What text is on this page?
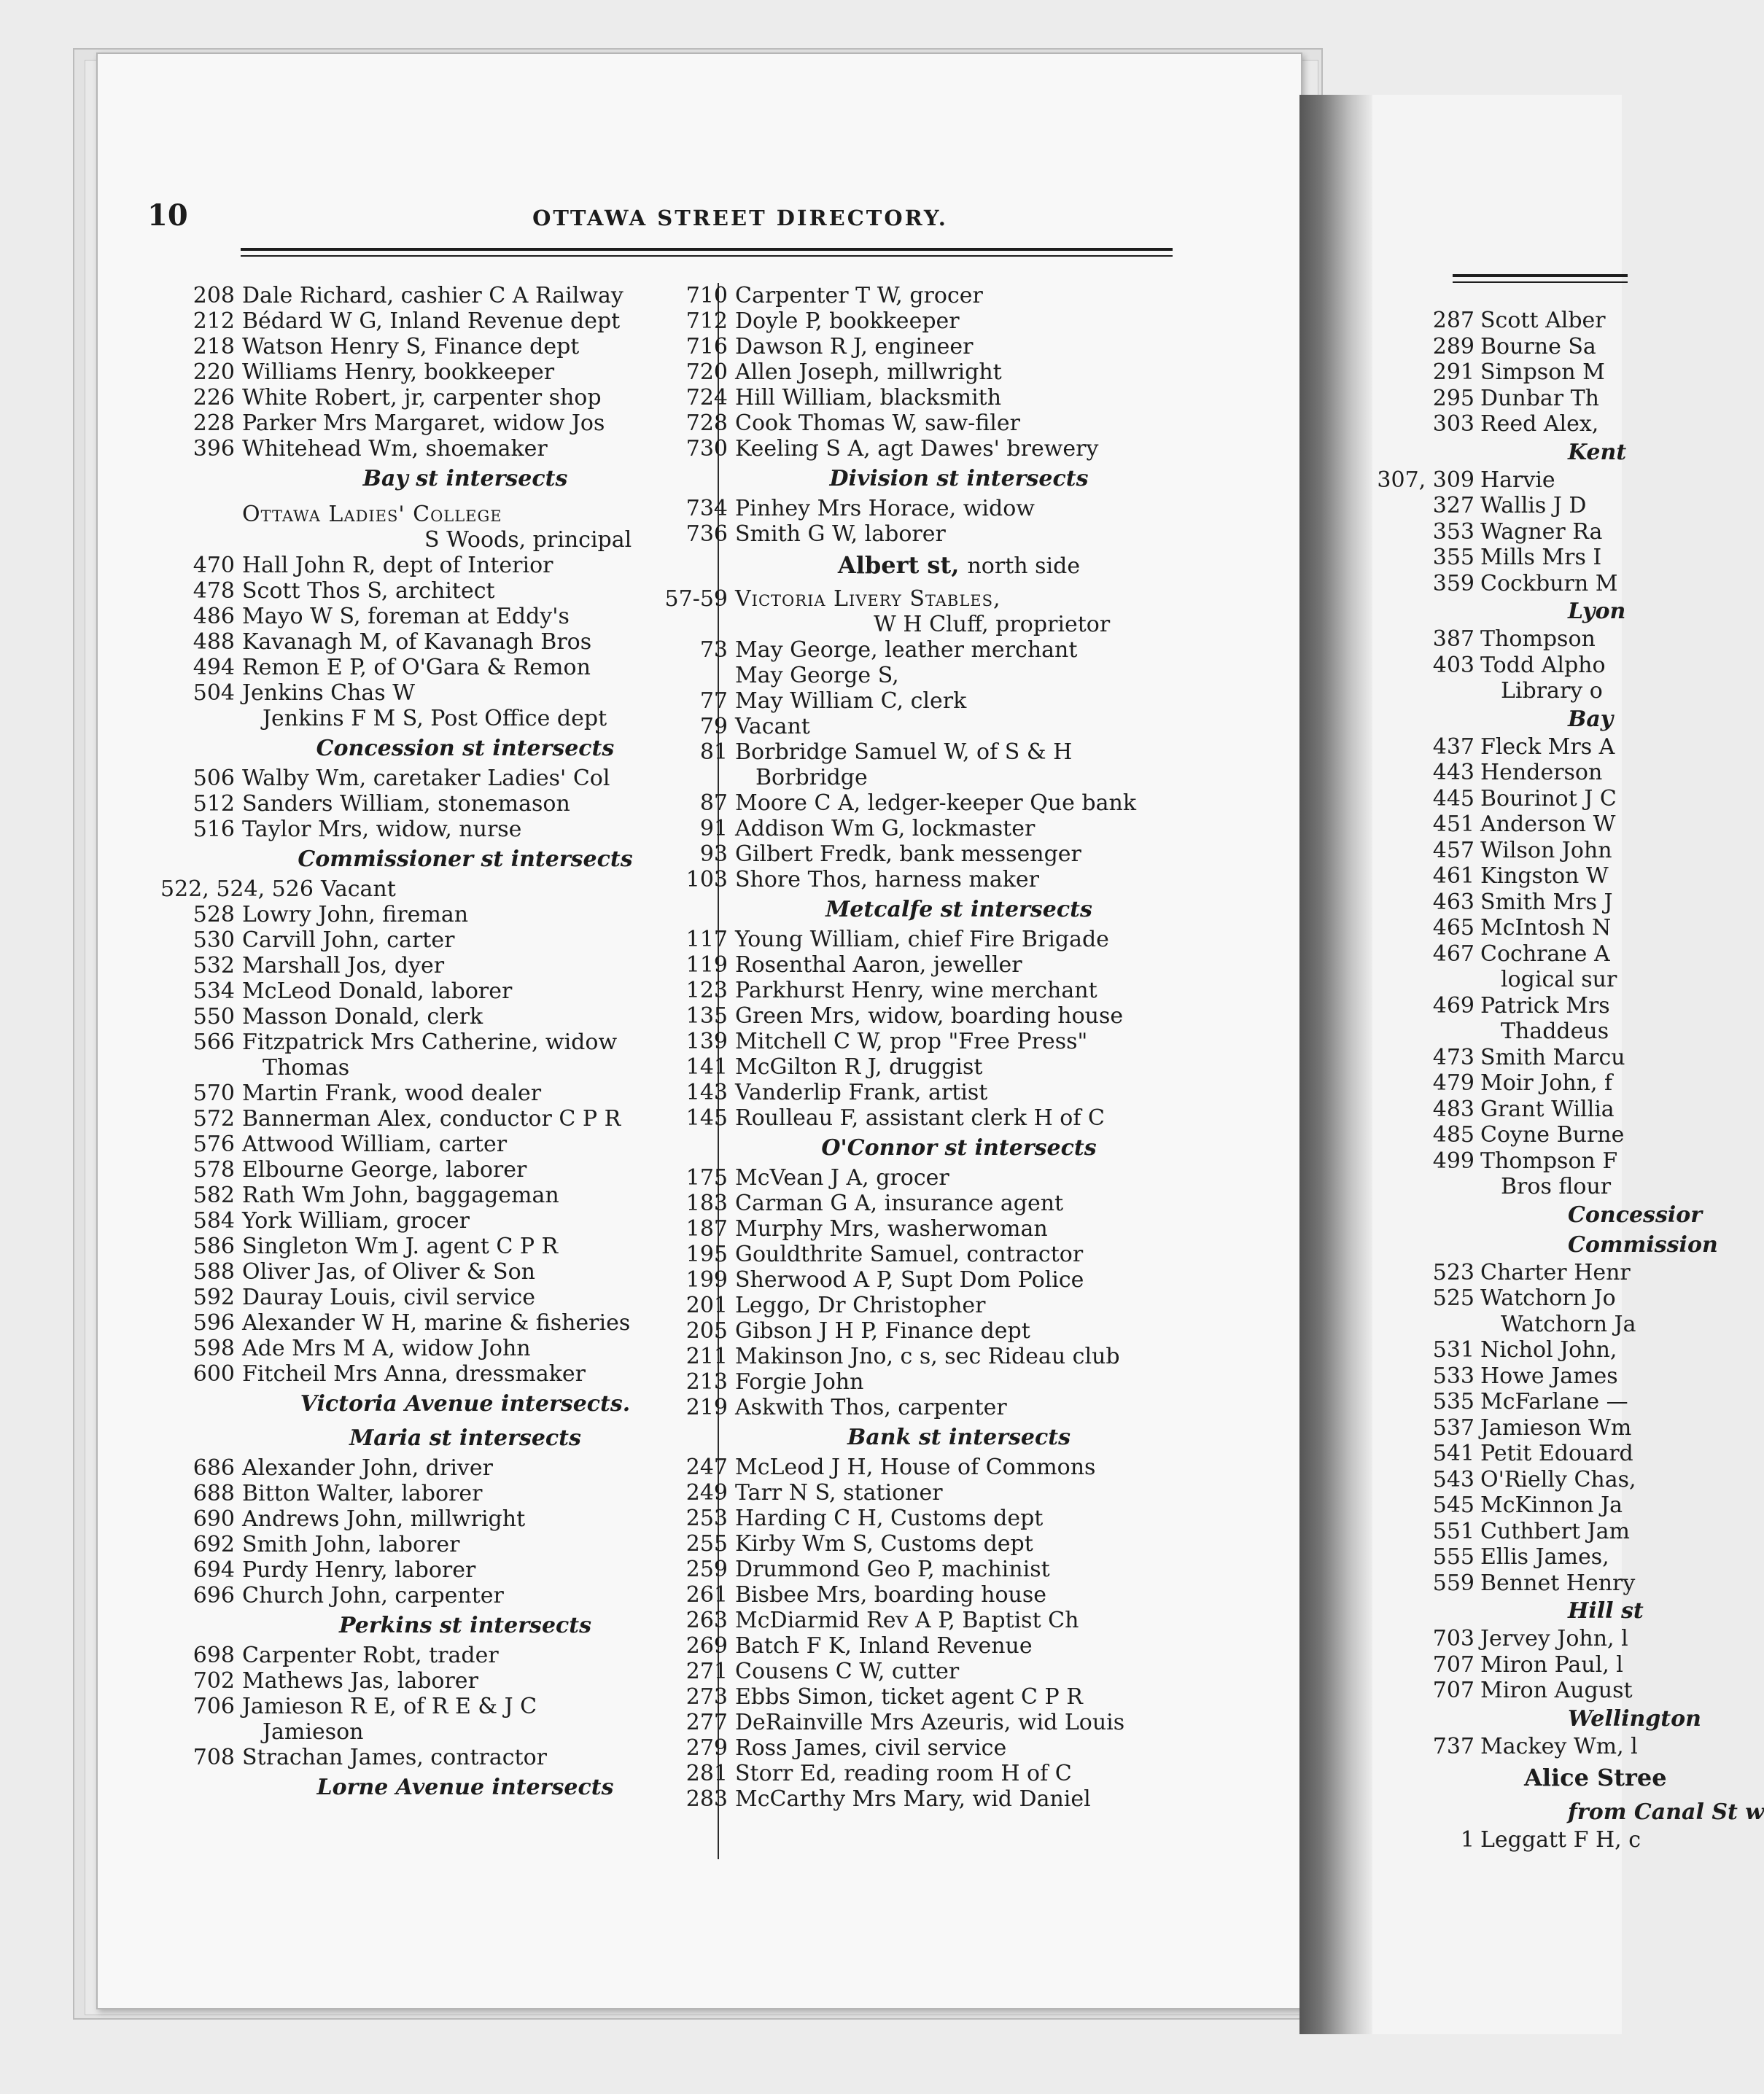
10	OTTAWA STREET DIRECTORY.
208 Dale Richard, cashier C A Railway
212 Bédard W G, Inland Revenue dept
218 Watson Henry S, Finance dept
220 Williams Henry, bookkeeper
226 White Robert, jr, carpenter shop
228 Parker Mrs Margaret, widow Jos
396 Whitehead Wm, shoemaker
Bay st intersects
Ottawa Ladies' College
S Woods, principal
470 Hall John R, dept of Interior
478 Scott Thos S, architect
486 Mayo W S, foreman at Eddy's
488 Kavanagh M, of Kavanagh Bros
494 Remon E P, of O'Gara & Remon
504 Jenkins Chas W
Jenkins F M S, Post Office dept
Concession st intersects
506 Walby Wm, caretaker Ladies' Col
512 Sanders William, stonemason
516 Taylor Mrs, widow, nurse
Commissioner st intersects
522, 524, 526 Vacant
528 Lowry John, fireman
530 Carvill John, carter
532 Marshall Jos, dyer
534 McLeod Donald, laborer
550 Masson Donald, clerk
566 Fitzpatrick Mrs Catherine, widow
Thomas
570 Martin Frank, wood dealer
572 Bannerman Alex, conductor C P R
576 Attwood William, carter
578 Elbourne George, laborer
582 Rath Wm John, baggageman
584 York William, grocer
586 Singleton Wm J. agent C P R
588 Oliver Jas, of Oliver & Son
592 Dauray Louis, civil service
596 Alexander W H, marine & fisheries
598 Ade Mrs M A, widow John
600 Fitcheil Mrs Anna, dressmaker
Victoria Avenue intersects.
Maria st intersects
686 Alexander John, driver
688 Bitton Walter, laborer
690 Andrews John, millwright
692 Smith John, laborer
694 Purdy Henry, laborer
696 Church John, carpenter
Perkins st intersects
698 Carpenter Robt, trader
702 Mathews Jas, laborer
706 Jamieson R E, of R E & J C
Jamieson
708 Strachan James, contractor
Lorne Avenue intersects
710 Carpenter T W, grocer
712 Doyle P, bookkeeper
716 Dawson R J, engineer
720 Allen Joseph, millwright
724 Hill William, blacksmith
728 Cook Thomas W, saw-filer
730 Keeling S A, agt Dawes' brewery
Division st intersects
734 Pinhey Mrs Horace, widow
736 Smith G W, laborer
Albert st, north side
57-59 Victoria Livery Stables,
W H Cluff, proprietor
73 May George, leather merchant
May George S,
77 May William C, clerk
79 Vacant
81 Borbridge Samuel W, of S & H
Borbridge
87 Moore C A, ledger-keeper Que bank
91 Addison Wm G, lockmaster
93 Gilbert Fredk, bank messenger
103 Shore Thos, harness maker
Metcalfe st intersects
117 Young William, chief Fire Brigade
119 Rosenthal Aaron, jeweller
123 Parkhurst Henry, wine merchant
135 Green Mrs, widow, boarding house
139 Mitchell C W, prop "Free Press"
141 McGilton R J, druggist
143 Vanderlip Frank, artist
145 Roulleau F, assistant clerk H of C
O'Connor st intersects
175 McVean J A, grocer
183 Carman G A, insurance agent
187 Murphy Mrs, washerwoman
195 Gouldthrite Samuel, contractor
199 Sherwood A P, Supt Dom Police
201 Leggo, Dr Christopher
205 Gibson J H P, Finance dept
211 Makinson Jno, c s, sec Rideau club
213 Forgie John
219 Askwith Thos, carpenter
Bank st intersects
247 McLeod J H, House of Commons
249 Tarr N S, stationer
253 Harding C H, Customs dept
255 Kirby Wm S, Customs dept
259 Drummond Geo P, machinist
261 Bisbee Mrs, boarding house
263 McDiarmid Rev A P, Baptist Ch
269 Batch F K, Inland Revenue
271 Cousens C W, cutter
273 Ebbs Simon, ticket agent C P R
277 DeRainville Mrs Azeuris, wid Louis
279 Ross James, civil service
281 Storr Ed, reading room H of C
283 McCarthy Mrs Mary, wid Daniel
287 Scott Alber
289 Bourne Sa
291 Simpson M
295 Dunbar Th
303 Reed Alex,
Kent
307, 309 Harvie
327 Wallis J D
353 Wagner Ra
355 Mills Mrs I
359 Cockburn M
Lyon
387 Thompson
403 Todd Alpho
Library o
Bay
437 Fleck Mrs A
443 Henderson
445 Bourinot J C
451 Anderson W
457 Wilson John
461 Kingston W
463 Smith Mrs J
465 McIntosh N
467 Cochrane A
logical sur
469 Patrick Mrs
Thaddeus
473 Smith Marcu
479 Moir John, f
483 Grant Willia
485 Coyne Burne
499 Thompson F
Bros flour
Concessior
Commission
523 Charter Henr
525 Watchorn Jo
Watchorn Ja
531 Nichol John,
533 Howe James
535 McFarlane —
537 Jamieson Wm
541 Petit Edouard
543 O'Rielly Chas,
545 McKinnon Ja
551 Cuthbert Jam
555 Ellis James,
559 Bennet Henry
Hill st
703 Jervey John, l
707 Miron Paul, l
707 Miron August
Wellington
737 Mackey Wm, l
Alice Stree
from Canal St w
1 Leggatt F H, c
